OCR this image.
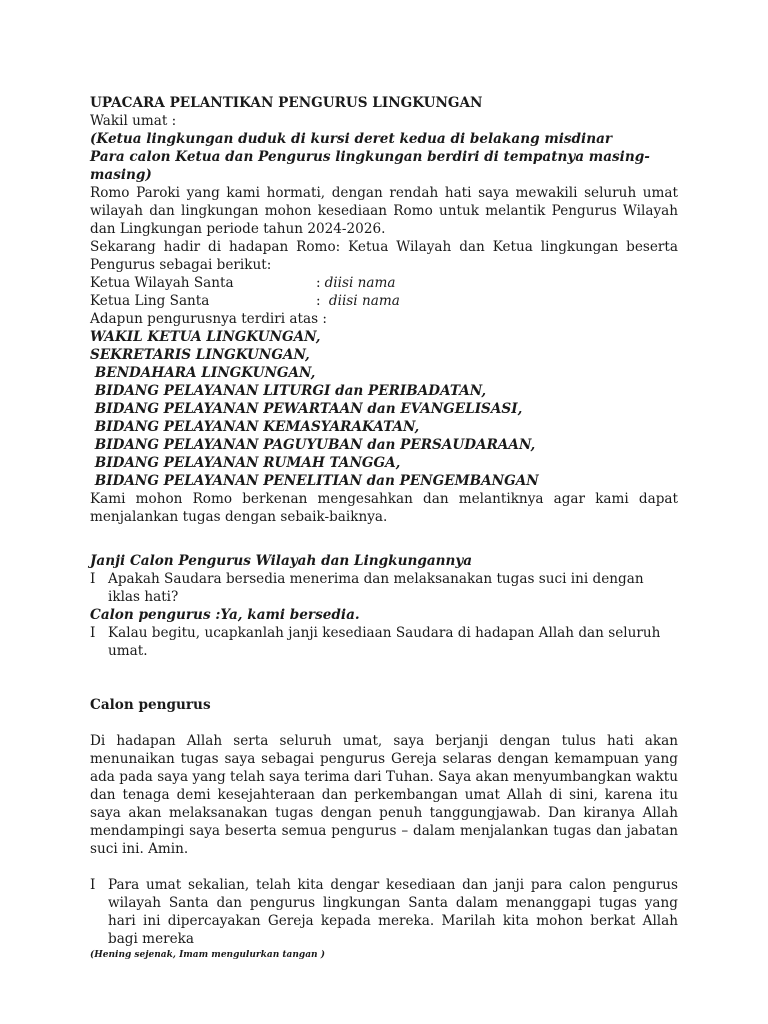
UPACARA PELANTIKAN PENGURUS LINGKUNGAN

Wakil umat :

(Ketua lingkungan duduk di kursi deret kedua di belakang misdinar

Para calon Ketua dan Pengurus lingkungan berdiri di tempatnya masing-masing)

Romo Paroki yang kami hormati, dengan rendah hati saya mewakili seluruh umat wilayah dan lingkungan mohon kesediaan Romo untuk melantik Pengurus Wilayah dan Lingkungan periode tahun 2024-2026.

Sekarang hadir di hadapan Romo: Ketua Wilayah dan Ketua lingkungan beserta Pengurus sebagai berikut:

Ketua Wilayah Santa	: diisi nama
Ketua Ling Santa	: diisi nama

Adapun pengurusnya terdiri atas :

WAKIL KETUA LINGKUNGAN,
SEKRETARIS LINGKUNGAN,
BENDAHARA LINGKUNGAN,
BIDANG PELAYANAN LITURGI dan PERIBADATAN,
BIDANG PELAYANAN PEWARTAAN dan EVANGELISASI,
BIDANG PELAYANAN KEMASYARAKATAN,
BIDANG PELAYANAN PAGUYUBAN dan PERSAUDARAAN,
BIDANG PELAYANAN RUMAH TANGGA,
BIDANG PELAYANAN PENELITIAN dan PENGEMBANGAN

Kami mohon Romo berkenan mengesahkan dan melantiknya agar kami dapat menjalankan tugas dengan sebaik-baiknya.

Janji Calon Pengurus Wilayah dan Lingkungannya

I Apakah Saudara bersedia menerima dan melaksanakan tugas suci ini dengan iklas hati?

Calon pengurus :Ya, kami bersedia.

I Kalau begitu, ucapkanlah janji kesediaan Saudara di hadapan Allah dan seluruh umat.

Calon pengurus

Di hadapan Allah serta seluruh umat, saya berjanji dengan tulus hati akan menunaikan tugas saya sebagai pengurus Gereja selaras dengan kemampuan yang ada pada saya yang telah saya terima dari Tuhan. Saya akan menyumbangkan waktu dan tenaga demi kesejahteraan dan perkembangan umat Allah di sini, karena itu saya akan melaksanakan tugas dengan penuh tanggungjawab. Dan kiranya Allah mendampingi saya beserta semua pengurus – dalam menjalankan tugas dan jabatan suci ini. Amin.

I Para umat sekalian, telah kita dengar kesediaan dan janji para calon pengurus wilayah Santa dan pengurus lingkungan Santa dalam menanggapi tugas yang hari ini dipercayakan Gereja kepada mereka. Marilah kita mohon berkat Allah bagi mereka

(Hening sejenak, Imam mengulurkan tangan )
